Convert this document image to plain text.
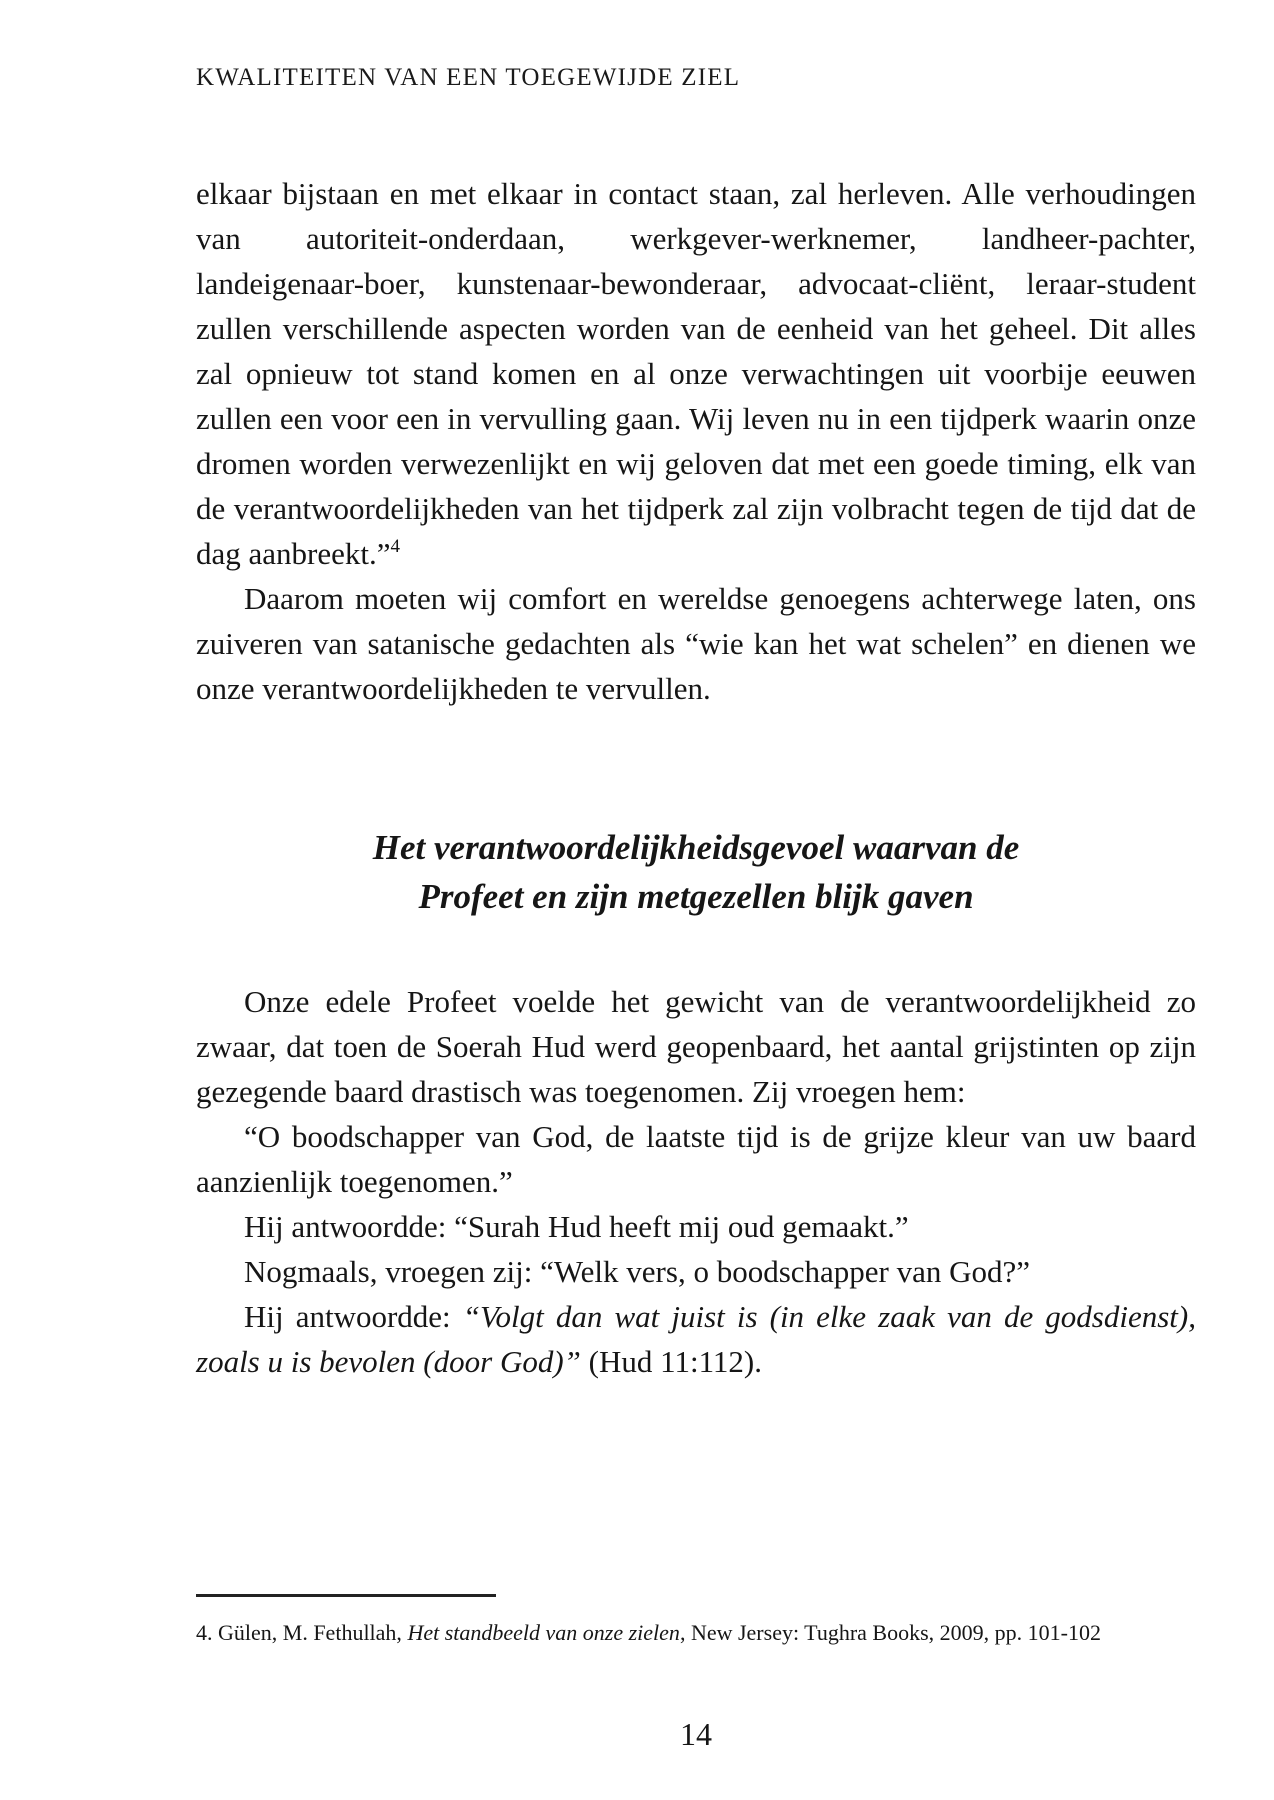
KWALITEITEN VAN EEN TOEGEWIJDE ZIEL

elkaar bijstaan en met elkaar in contact staan, zal herleven. Alle verhoudingen van autoriteit-onderdaan, werkgever-werknemer, landheer-pachter, landeigenaar-boer, kunstenaar-bewonderaar, advocaat-cliënt, leraar-student zullen verschillende aspecten worden van de eenheid van het geheel. Dit alles zal opnieuw tot stand komen en al onze verwachtingen uit voorbije eeuwen zullen een voor een in vervulling gaan. Wij leven nu in een tijdperk waarin onze dromen worden verwezenlijkt en wij geloven dat met een goede timing, elk van de verantwoordelijkheden van het tijdperk zal zijn volbracht tegen de tijd dat de dag aanbreekt.”$^4$

Daarom moeten wij comfort en wereldse genoegens achterwege laten, ons zuiveren van satanische gedachten als “wie kan het wat schelen” en dienen we onze verantwoordelijkheden te vervullen.

Het verantwoordelijkheidsgevoel waarvan de
Profeet en zijn metgezellen blijk gaven

Onze edele Profeet voelde het gewicht van de verantwoordelijkheid zo zwaar, dat toen de Soerah Hud werd geopenbaard, het aantal grijstinten op zijn gezegende baard drastisch was toegenomen. Zij vroegen hem:

“O boodschapper van God, de laatste tijd is de grijze kleur van uw baard aanzienlijk toegenomen.”

Hij antwoordde: “Surah Hud heeft mij oud gemaakt.”

Nogmaals, vroegen zij: “Welk vers, o boodschapper van God?”

Hij antwoordde: “Volgt dan wat juist is (in elke zaak van de godsdienst), zoals u is bevolen (door God)” (Hud 11:112).

4. Gülen, M. Fethullah, Het standbeeld van onze zielen, New Jersey: Tughra Books, 2009, pp. 101-102
14
